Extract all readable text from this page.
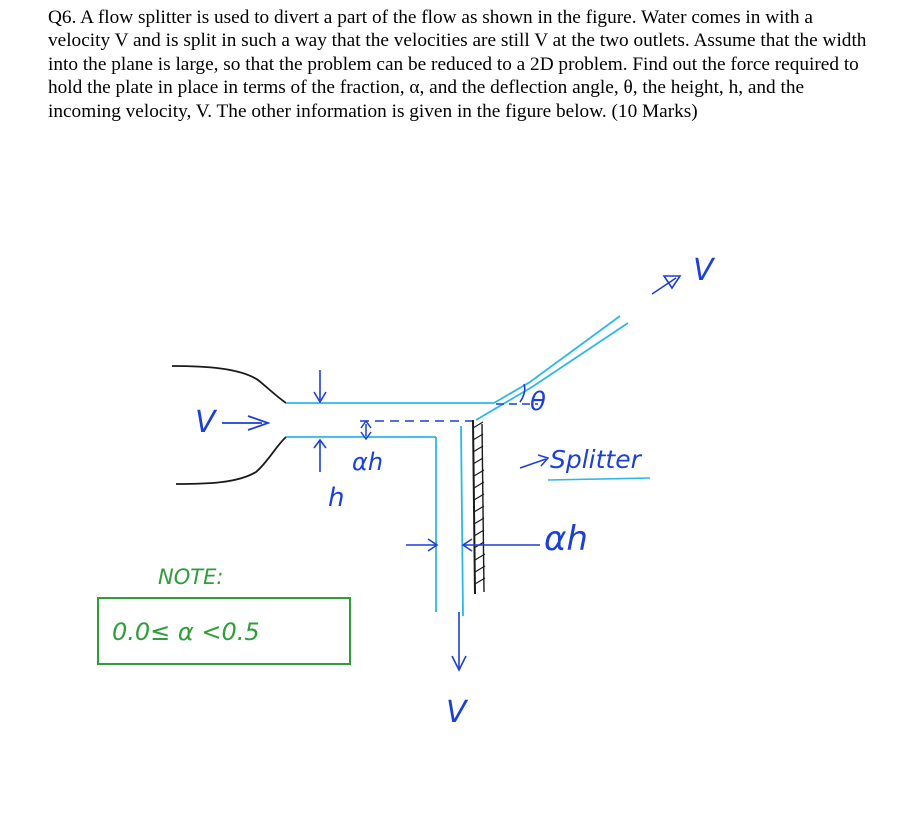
Q6. A flow splitter is used to divert a part of the flow as shown in the figure. Water comes in with a velocity V and is split in such a way that the velocities are still V at the two outlets. Assume that the width into the plane is large, so that the problem can be reduced to a 2D problem. Find out the force required to hold the plate in place in terms of the fraction, α, and the deflection angle, θ, the height, h, and the incoming velocity, V. The other information is given in the figure below. (10 Marks)

V
h
αh
θ
V
Splitter
αh
V
NOTE:
0.0≤ α <0.5
